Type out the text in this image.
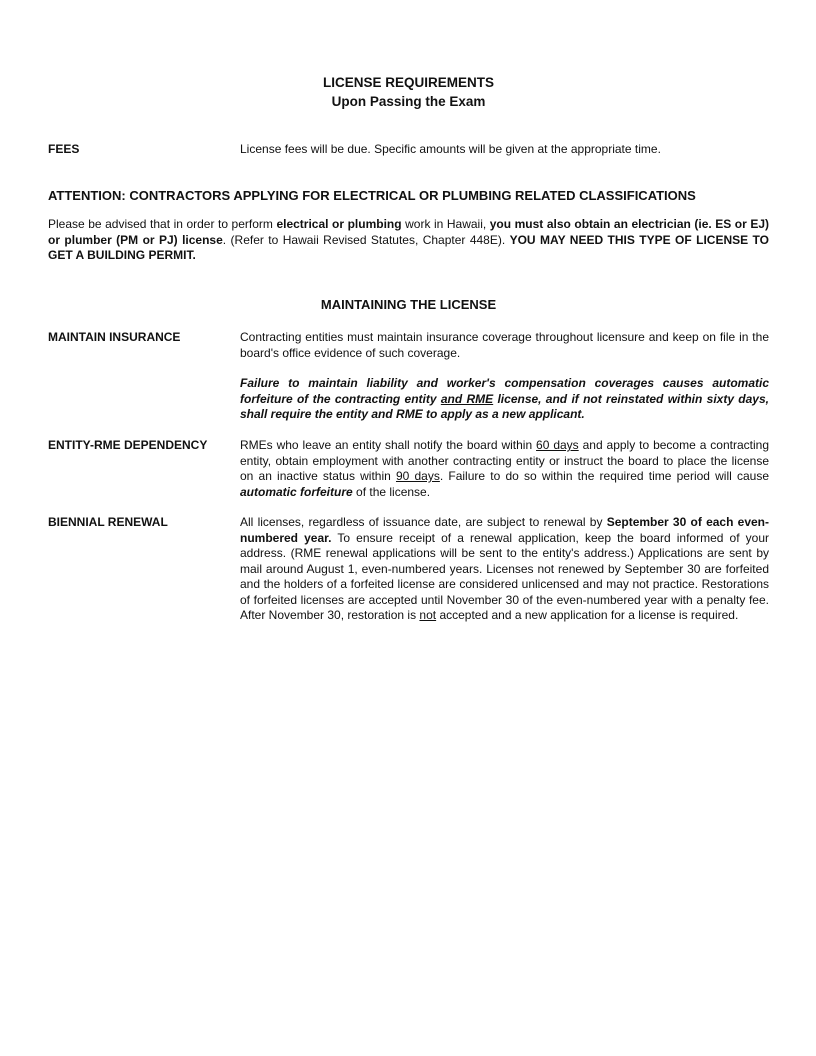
LICENSE REQUIREMENTS
Upon Passing the Exam
FEES	License fees will be due. Specific amounts will be given at the appropriate time.
ATTENTION: CONTRACTORS APPLYING FOR ELECTRICAL OR PLUMBING RELATED CLASSIFICATIONS
Please be advised that in order to perform electrical or plumbing work in Hawaii, you must also obtain an electrician (ie. ES or EJ) or plumber (PM or PJ) license. (Refer to Hawaii Revised Statutes, Chapter 448E). YOU MAY NEED THIS TYPE OF LICENSE TO GET A BUILDING PERMIT.
MAINTAINING THE LICENSE
MAINTAIN INSURANCE	Contracting entities must maintain insurance coverage throughout licensure and keep on file in the board's office evidence of such coverage.
Failure to maintain liability and worker's compensation coverages causes automatic forfeiture of the contracting entity and RME license, and if not reinstated within sixty days, shall require the entity and RME to apply as a new applicant.
ENTITY-RME DEPENDENCY	RMEs who leave an entity shall notify the board within 60 days and apply to become a contracting entity, obtain employment with another contracting entity or instruct the board to place the license on an inactive status within 90 days. Failure to do so within the required time period will cause automatic forfeiture of the license.
BIENNIAL RENEWAL	All licenses, regardless of issuance date, are subject to renewal by September 30 of each even-numbered year. To ensure receipt of a renewal application, keep the board informed of your address. (RME renewal applications will be sent to the entity's address.) Applications are sent by mail around August 1, even-numbered years. Licenses not renewed by September 30 are forfeited and the holders of a forfeited license are considered unlicensed and may not practice. Restorations of forfeited licenses are accepted until November 30 of the even-numbered year with a penalty fee. After November 30, restoration is not accepted and a new application for a license is required.
